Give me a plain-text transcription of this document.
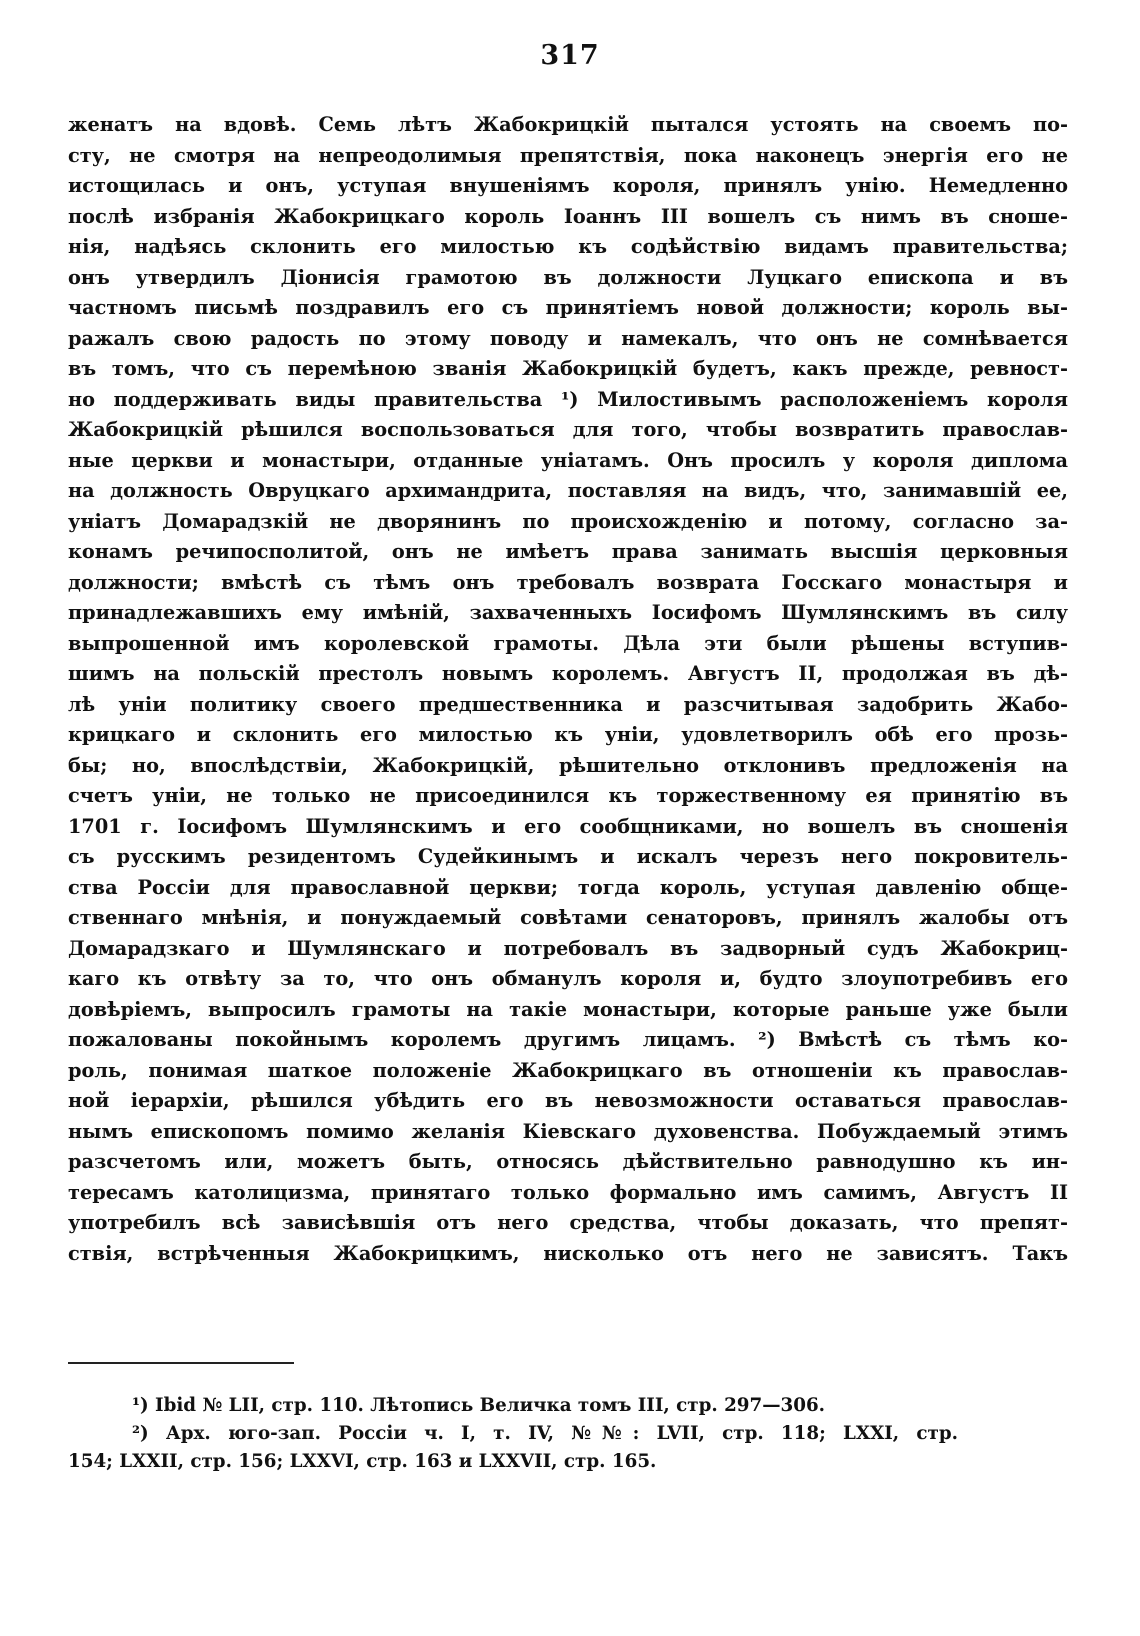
317
женатъ на вдовѣ. Семь лѣтъ Жабокрицкій пытался устоять на своемъ по-
сту, не смотря на непреодолимыя препятствія, пока наконецъ энергія его не
истощилась и онъ, уступая внушеніямъ короля, принялъ унію. Немедленно
послѣ избранія Жабокрицкаго король Іоаннъ III вошелъ съ нимъ въ сноше-
нія, надѣясь склонить его милостью къ содѣйствію видамъ правительства;
онъ утвердилъ Діонисія грамотою въ должности Луцкаго епископа и въ
частномъ письмѣ поздравилъ его съ принятіемъ новой должности; король вы-
ражалъ свою радость по этому поводу и намекалъ, что онъ не сомнѣвается
въ томъ, что съ перемѣною званія Жабокрицкій будетъ, какъ прежде, ревност-
но поддерживать виды правительства ¹) Милостивымъ расположеніемъ короля
Жабокрицкій рѣшился воспользоваться для того, чтобы возвратить православ-
ные церкви и монастыри, отданные уніатамъ. Онъ просилъ у короля диплома
на должность Овруцкаго архимандрита, поставляя на видъ, что, занимавшій ее,
уніатъ Домарадзкій не дворянинъ по происхожденію и потому, согласно за-
конамъ речипосполитой, онъ не имѣетъ права занимать высшія церковныя
должности; вмѣстѣ съ тѣмъ онъ требовалъ возврата Госскаго монастыря и
принадлежавшихъ ему имѣній, захваченныхъ Іосифомъ Шумлянскимъ въ силу
выпрошенной имъ королевской грамоты. Дѣла эти были рѣшены вступив-
шимъ на польскій престолъ новымъ королемъ. Августъ II, продолжая въ дѣ-
лѣ уніи политику своего предшественника и разсчитывая задобрить Жабо-
крицкаго и склонить его милостью къ уніи, удовлетворилъ обѣ его прозь-
бы; но, впослѣдствіи, Жабокрицкій, рѣшительно отклонивъ предложенія на
счетъ уніи, не только не присоединился къ торжественному ея принятію въ
1701 г. Іосифомъ Шумлянскимъ и его сообщниками, но вошелъ въ сношенія
съ русскимъ резидентомъ Судейкинымъ и искалъ черезъ него покровитель-
ства Россіи для православной церкви; тогда король, уступая давленію обще-
ственнаго мнѣнія, и понуждаемый совѣтами сенаторовъ, принялъ жалобы отъ
Домарадзкаго и Шумлянскаго и потребовалъ въ задворный судъ Жабокриц-
каго къ отвѣту за то, что онъ обманулъ короля и, будто злоупотребивъ его
довѣріемъ, выпросилъ грамоты на такіе монастыри, которые раньше уже были
пожалованы покойнымъ королемъ другимъ лицамъ. ²) Вмѣстѣ съ тѣмъ ко-
роль, понимая шаткое положеніе Жабокрицкаго въ отношеніи къ православ-
ной іерархіи, рѣшился убѣдить его въ невозможности оставаться православ-
нымъ епископомъ помимо желанія Кіевскаго духовенства. Побуждаемый этимъ
разсчетомъ или, можетъ быть, относясь дѣйствительно равнодушно къ ин-
тересамъ католицизма, принятаго только формально имъ самимъ, Августъ II
употребилъ всѣ зависѣвшія отъ него средства, чтобы доказать, что препят-
ствія, встрѣченныя Жабокрицкимъ, нисколько отъ него не зависятъ. Такъ
¹) Ibid № LII, стр. 110. Лѣтопись Величка томъ III, стр. 297—306.
²) Арх. юго-зап. Россіи ч. I, т. IV, №№: LVII, стр. 118; LXXI, стр.
154; LXXII, стр. 156; LXXVI, стр. 163 и LXXVII, стр. 165.
